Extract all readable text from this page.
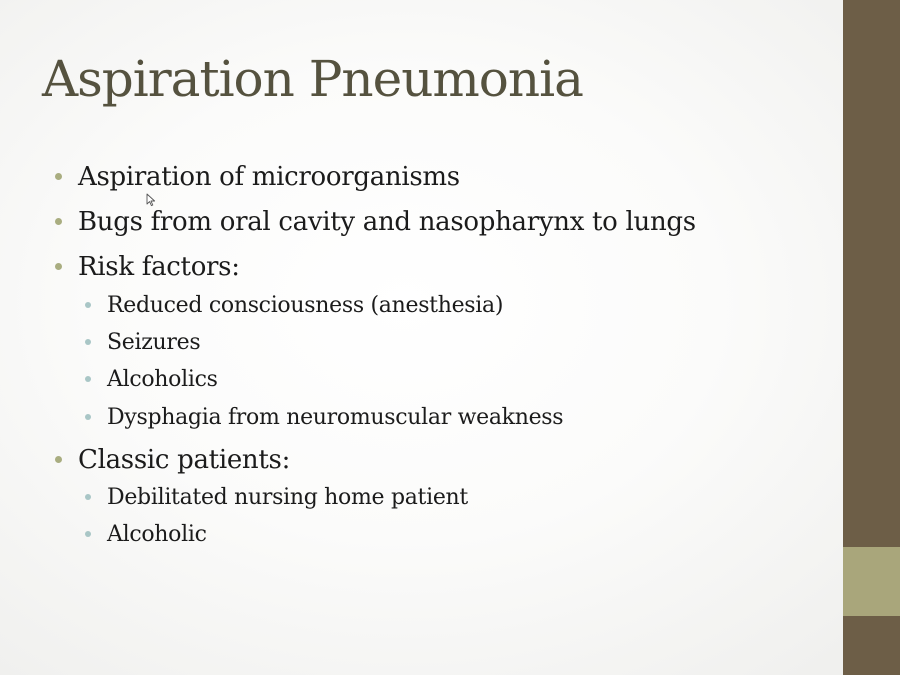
Aspiration Pneumonia
Aspiration of microorganisms
Bugs from oral cavity and nasopharynx to lungs
Risk factors:
Reduced consciousness (anesthesia)
Seizures
Alcoholics
Dysphagia from neuromuscular weakness
Classic patients:
Debilitated nursing home patient
Alcoholic
